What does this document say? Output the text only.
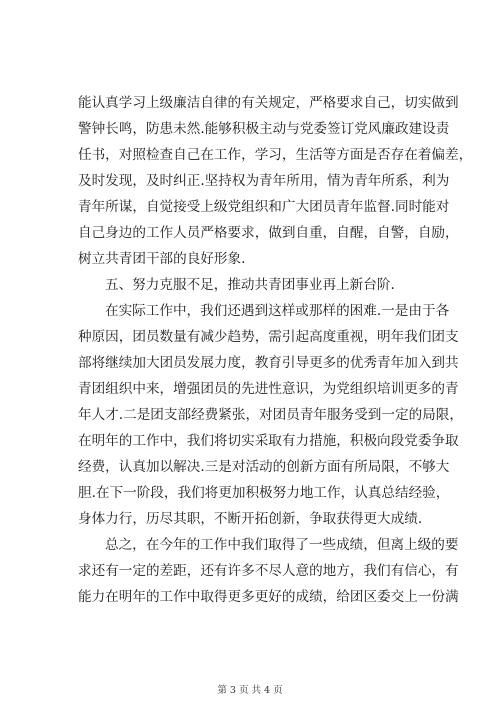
能认真学习上级廉洁自律的有关规定，严格要求自己，切实做到
警钟长鸣，防患未然.能够积极主动与党委签订党风廉政建设责
任书，对照检查自己在工作，学习，生活等方面是否存在着偏差，
及时发现，及时纠正.坚持权为青年所用，情为青年所系，利为
青年所谋，自觉接受上级党组织和广大团员青年监督.同时能对
自己身边的工作人员严格要求，做到自重，自醒，自警，自励，
树立共青团干部的良好形象.
五、努力克服不足，推动共青团事业再上新台阶.
在实际工作中，我们还遇到这样或那样的困难.一是由于各
种原因，团员数量有减少趋势，需引起高度重视，明年我们团支
部将继续加大团员发展力度，教育引导更多的优秀青年加入到共
青团组织中来，增强团员的先进性意识，为党组织培训更多的青
年人才.二是团支部经费紧张，对团员青年服务受到一定的局限，
在明年的工作中，我们将切实采取有力措施，积极向段党委争取
经费，认真加以解决.三是对活动的创新方面有所局限，不够大
胆.在下一阶段，我们将更加积极努力地工作，认真总结经验，
身体力行，历尽其职，不断开拓创新，争取获得更大成绩.
总之，在今年的工作中我们取得了一些成绩，但离上级的要
求还有一定的差距，还有许多不尽人意的地方，我们有信心，有
能力在明年的工作中取得更多更好的成绩，给团区委交上一份满
第 3 页 共 4 页
